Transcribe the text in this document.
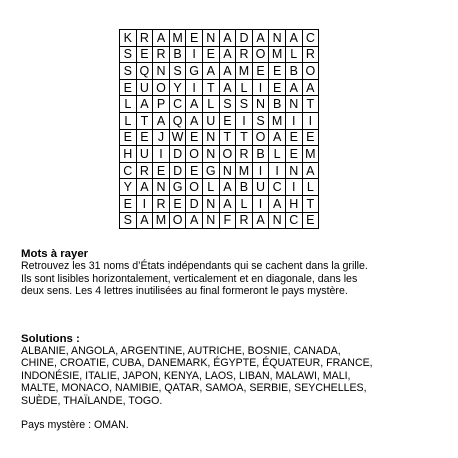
K	R	A	M	E	N	A	D	A	N	A	C
S	E	R	B	I	E	A	R	O	M	L	R
S	Q	N	S	G	A	A	M	E	E	B	O
E	U	O	Y	I	T	A	L	I	E	A	A
L	A	P	C	A	L	S	S	N	B	N	T
L	T	A	Q	A	U	E	I	S	M	I	I
E	E	J	W	E	N	T	T	O	A	E	E
H	U	I	D	O	N	O	R	B	L	E	M
C	R	E	D	E	G	N	M	I	I	N	A
Y	A	N	G	O	L	A	B	U	C	I	L
E	I	R	E	D	N	A	L	I	A	H	T
S	A	M	O	A	N	F	R	A	N	C	E
Mots à rayer

Retrouvez les 31 noms d’États indépendants qui se cachent dans la grille.

Ils sont lisibles horizontalement, verticalement et en diagonale, dans les

deux sens. Les 4 lettres inutilisées au final formeront le pays mystère.

Solutions :

ALBANIE, ANGOLA, ARGENTINE, AUTRICHE, BOSNIE, CANADA,

CHINE, CROATIE, CUBA, DANEMARK, ÉGYPTE, ÉQUATEUR, FRANCE,

INDONÉSIE, ITALIE, JAPON, KENYA, LAOS, LIBAN, MALAWI, MALI,

MALTE, MONACO, NAMIBIE, QATAR, SAMOA, SERBIE, SEYCHELLES,

SUÈDE, THAÏLANDE, TOGO.

Pays mystère : OMAN.
